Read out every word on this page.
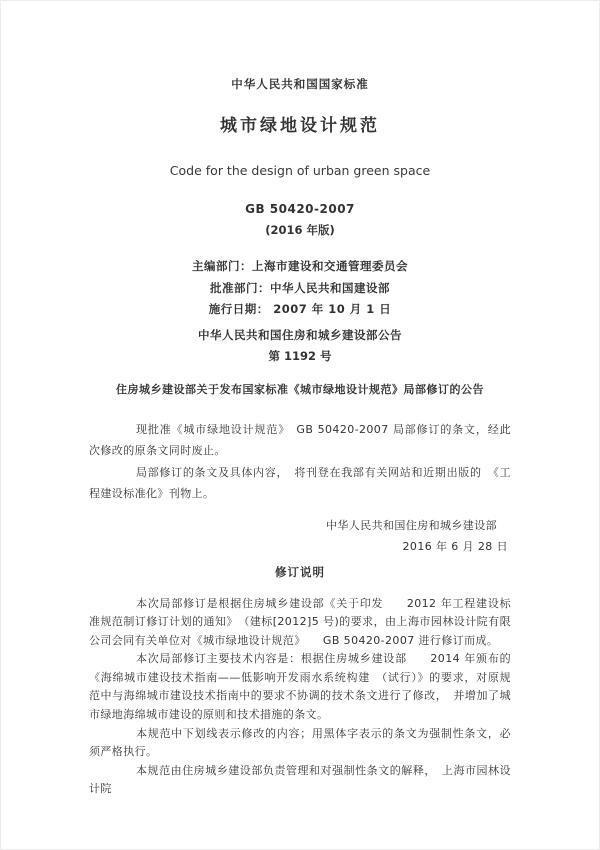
中华人民共和国国家标准
城市绿地设计规范
Code for the design of urban green space
GB 50420-2007
(2016 年版)
主编部门：上海市建设和交通管理委员会
批准部门：中华人民共和国建设部
施行日期： 2007 年 10 月 1 日
中华人民共和国住房和城乡建设部公告
第 1192 号
住房城乡建设部关于发布国家标准《城市绿地设计规范》局部修订的公告

现批准《城市绿地设计规范》　GB 50420-2007 局部修订的条文，经此次修改的原条文同时废止。

局部修订的条文及具体内容，　将刊登在我部有关网站和近期出版的　《工程建设标准化》刊物上。

中华人民共和国住房和城乡建设部
2016 年 6 月 28 日
修订说明

本次局部修订是根据住房城乡建设部《关于印发　　2012 年工程建设标准规范制订修订计划的通知》　（建标[2012]5 号)的要求，由上海市园林设计院有限公司会同有关单位对《城市绿地设计规范》　　GB 50420-2007 进行修订而成。

本次局部修订主要技术内容是：根据住房城乡建设部　　2014 年颁布的《海绵城市建设技术指南——低影响开发雨水系统构建　（试行）》的要求，对原规范中与海绵城市建设技术指南中的要求不协调的技术条文进行了修改，　并增加了城市绿地海绵城市建设的原则和技术措施的条文。

本规范中下划线表示修改的内容；用黑体字表示的条文为强制性条文，必须严格执行。

本规范由住房城乡建设部负责管理和对强制性条文的解释，　上海市园林设计院
